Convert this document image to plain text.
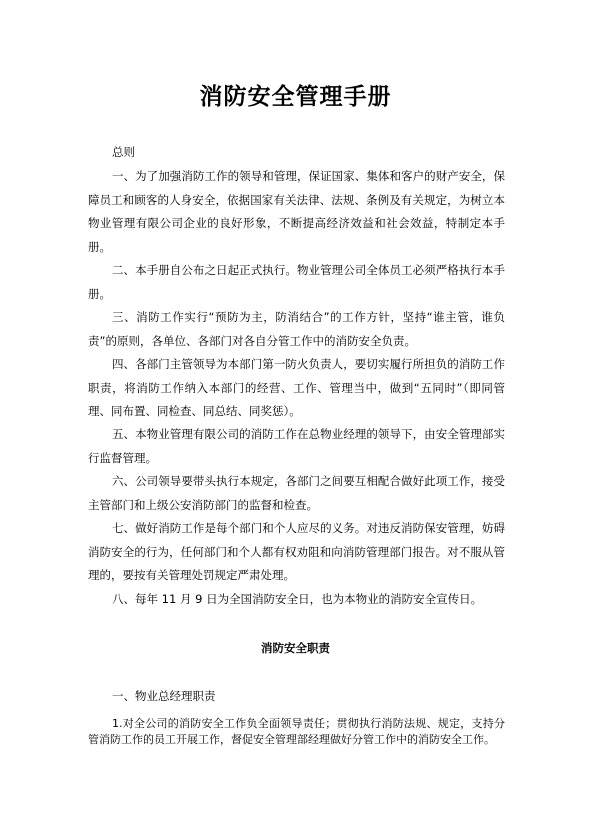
消防安全管理手册

总则

一、为了加强消防工作的领导和管理，保证国家、集体和客户的财产安全，保障员工和顾客的人身安全，依据国家有关法律、法规、条例及有关规定，为树立本物业管理有限公司企业的良好形象，不断提高经济效益和社会效益，特制定本手册。

二、本手册自公布之日起正式执行。物业管理公司全体员工必须严格执行本手册。

三、消防工作实行“预防为主，防消结合”的工作方针，坚持“谁主管，谁负责”的原则，各单位、各部门对各自分管工作中的消防安全负责。

四、各部门主管领导为本部门第一防火负责人，要切实履行所担负的消防工作职责，将消防工作纳入本部门的经营、工作、管理当中，做到“五同时”（即同管理、同布置、同检查、同总结、同奖惩）。

五、本物业管理有限公司的消防工作在总物业经理的领导下，由安全管理部实行监督管理。

六、公司领导要带头执行本规定，各部门之间要互相配合做好此项工作，接受主管部门和上级公安消防部门的监督和检查。

七、做好消防工作是每个部门和个人应尽的义务。对违反消防保安管理，妨碍消防安全的行为，任何部门和个人都有权劝阻和向消防管理部门报告。对不服从管理的，要按有关管理处罚规定严肃处理。

八、每年 11 月 9 日为全国消防安全日，也为本物业的消防安全宣传日。

消防安全职责

一、物业总经理职责

1.对全公司的消防安全工作负全面领导责任；贯彻执行消防法规、规定，支持分管消防工作的员工开展工作，督促安全管理部经理做好分管工作中的消防安全工作。
